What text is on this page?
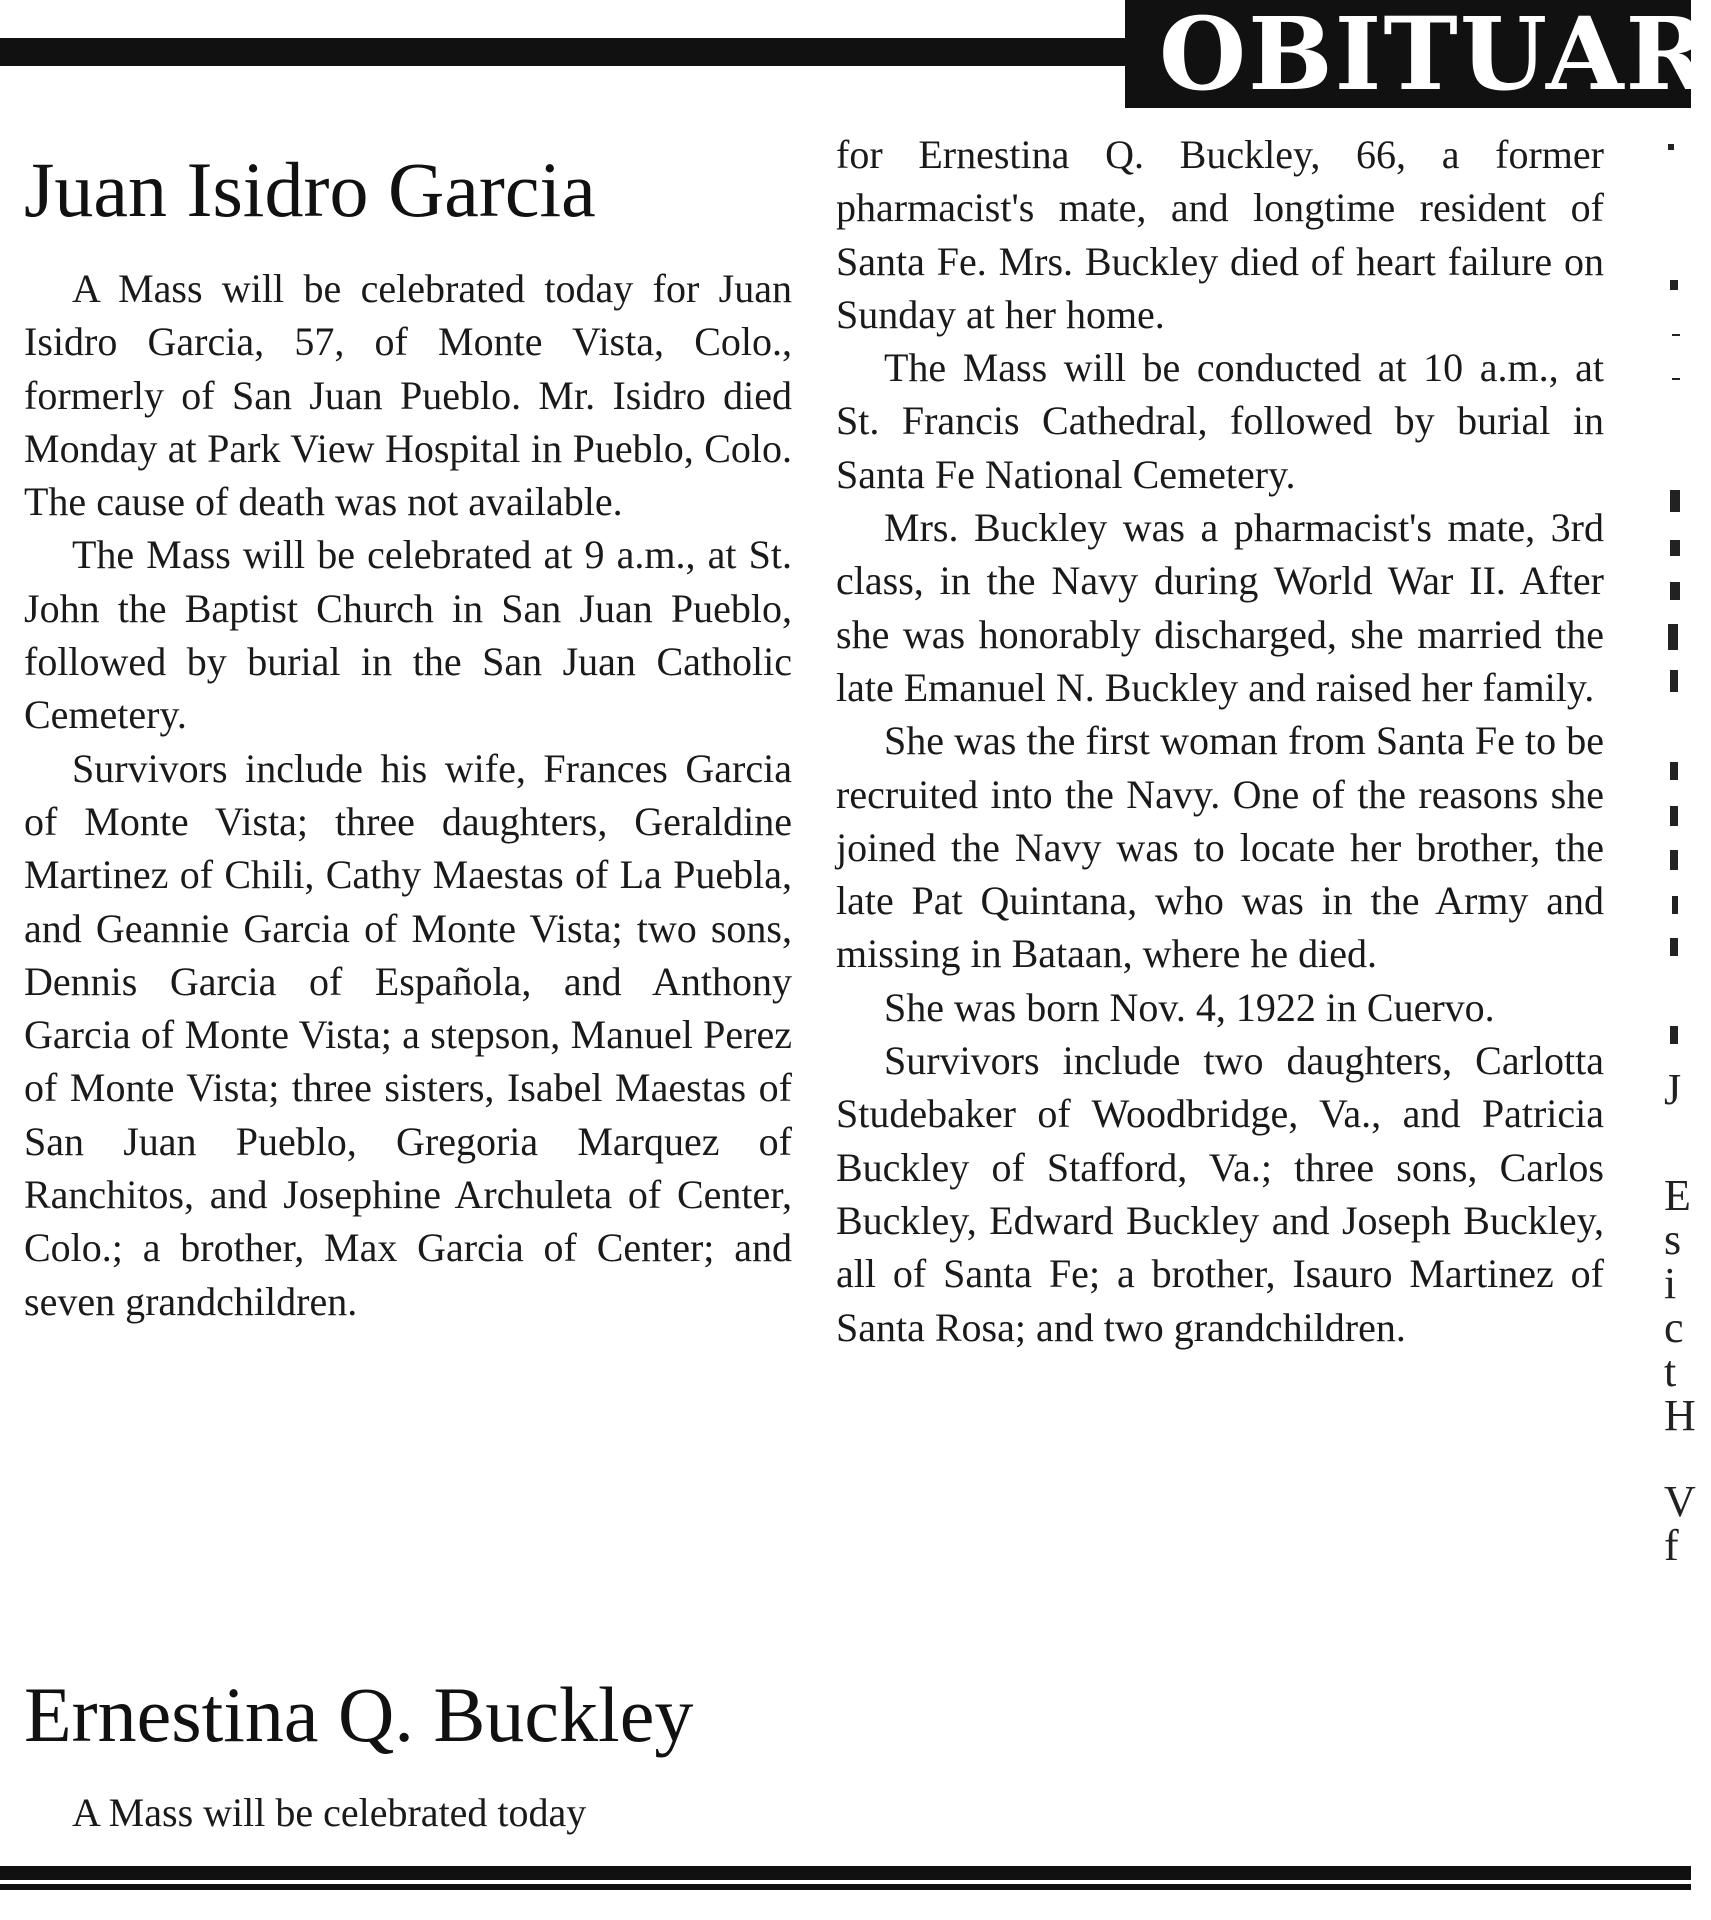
OBITUAR
Juan Isidro Garcia

A Mass will be celebrated today for Juan Isidro Garcia, 57, of Monte Vista, Colo., formerly of San Juan Pueblo. Mr. Isidro died Monday at Park View Hospital in Pueblo, Colo. The cause of death was not available.

The Mass will be celebrated at 9 a.m., at St. John the Baptist Church in San Juan Pueblo, followed by burial in the San Juan Catholic Cemetery.

Survivors include his wife, Frances Garcia of Monte Vista; three daughters, Geraldine Martinez of Chili, Cathy Maestas of La Puebla, and Geannie Garcia of Monte Vista; two sons, Dennis Garcia of Española, and Anthony Garcia of Monte Vista; a stepson, Manuel Perez of Monte Vista; three sisters, Isabel Maestas of San Juan Pueblo, Gregoria Marquez of Ranchitos, and Josephine Archuleta of Center, Colo.; a brother, Max Garcia of Center; and seven grandchildren.

Ernestina Q. Buckley

A Mass will be celebrated today

for Ernestina Q. Buckley, 66, a former pharmacist's mate, and longtime resident of Santa Fe. Mrs. Buckley died of heart failure on Sunday at her home.

The Mass will be conducted at 10 a.m., at St. Francis Cathedral, followed by burial in Santa Fe National Cemetery.

Mrs. Buckley was a pharmacist's mate, 3rd class, in the Navy during World War II. After she was honorably discharged, she married the late Emanuel N. Buckley and raised her family.

She was the first woman from Santa Fe to be recruited into the Navy. One of the reasons she joined the Navy was to locate her brother, the late Pat Quintana, who was in the Army and missing in Bataan, where he died.

She was born Nov. 4, 1922 in Cuervo.

Survivors include two daughters, Carlotta Studebaker of Woodbridge, Va., and Patricia Buckley of Stafford, Va.; three sons, Carlos Buckley, Edward Buckley and Joseph Buckley, all of Santa Fe; a brother, Isauro Martinez of Santa Rosa; and two grandchildren.

J
E
s
i
c
t
H
V
f
